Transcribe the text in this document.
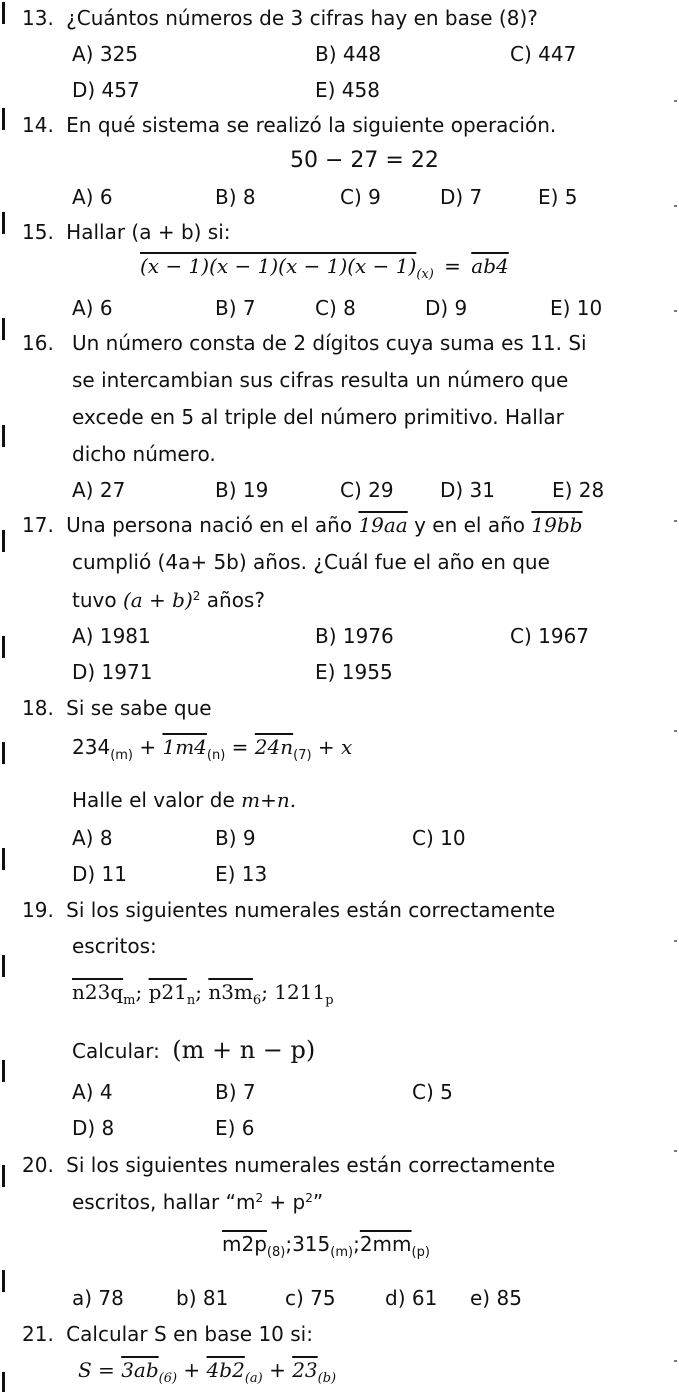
13. ¿Cuántos números de 3 cifras hay en base (8)?
A) 325	B) 448	C) 447
D) 457	E) 458
14. En qué sistema se realizó la siguiente operación.
50 − 27 = 22
A) 6	B) 8	C) 9	D) 7	E) 5
15. Hallar (a + b) si:
$(x - 1)(x - 1)(x - 1)(x - 1)_{(x)} = ab4$
A) 6	B) 7	C) 8	D) 9	E) 10
16. Un número consta de 2 dígitos cuya suma es 11. Si
se intercambian sus cifras resulta un número que
excede en 5 al triple del número primitivo. Hallar
dicho número.
A) 27	B) 19	C) 29 D) 31	E) 28
17. Una persona nació en el año 19aa y en el año 19bb
cumplió (4a+ 5b) años. ¿Cuál fue el año en que
tuvo $(a + b)^2$ años?
A) 1981	B) 1976	C) 1967
D) 1971	E) 1955
18. Si se sabe que
$234_{(m)} + 1m4_{(n)} = 24n_{(7)} + x$
Halle el valor de m+n.
A) 8	B) 9	C) 10
D) 11	E) 13
19. Si los siguientes numerales están correctamente
escritos:
$n23q_m$; $p21_n$; $n3m_6$; $1211_p$
Calcular: (m + n − p)
A) 4	B) 7	C) 5
D) 8	E) 6
20. Si los siguientes numerales están correctamente
escritos, hallar “$m^2 + p^2$”
$m2p_{(8)};315_{(m)};2mm_{(p)}$
a) 78	b) 81	c) 75 d) 61 e) 85
21. Calcular S en base 10 si:
$S = 3ab_{(6)} + 4b2_{(a)} + 23_{(b)}$
